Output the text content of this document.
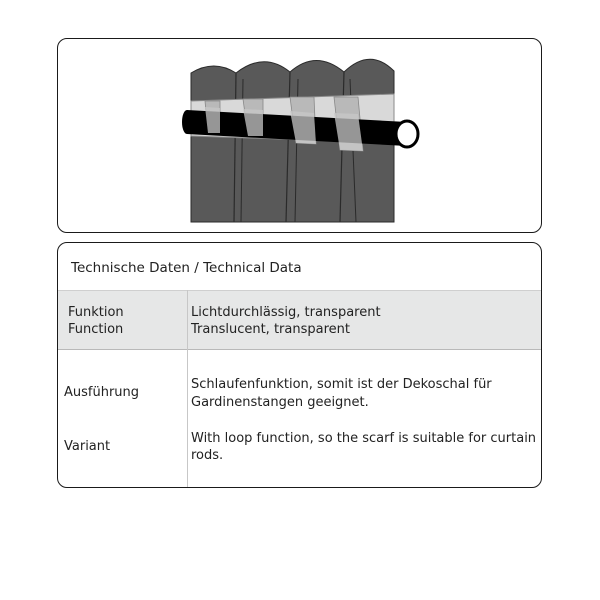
Technische Daten / Technical Data
Funktion
Function
Lichtdurchlässig, transparent
Translucent, transparent
Ausführung
Schlaufenfunktion, somit ist der Dekoschal für
Gardinenstangen geeignet.
Variant
With loop function, so the scarf is suitable for curtain
rods.
